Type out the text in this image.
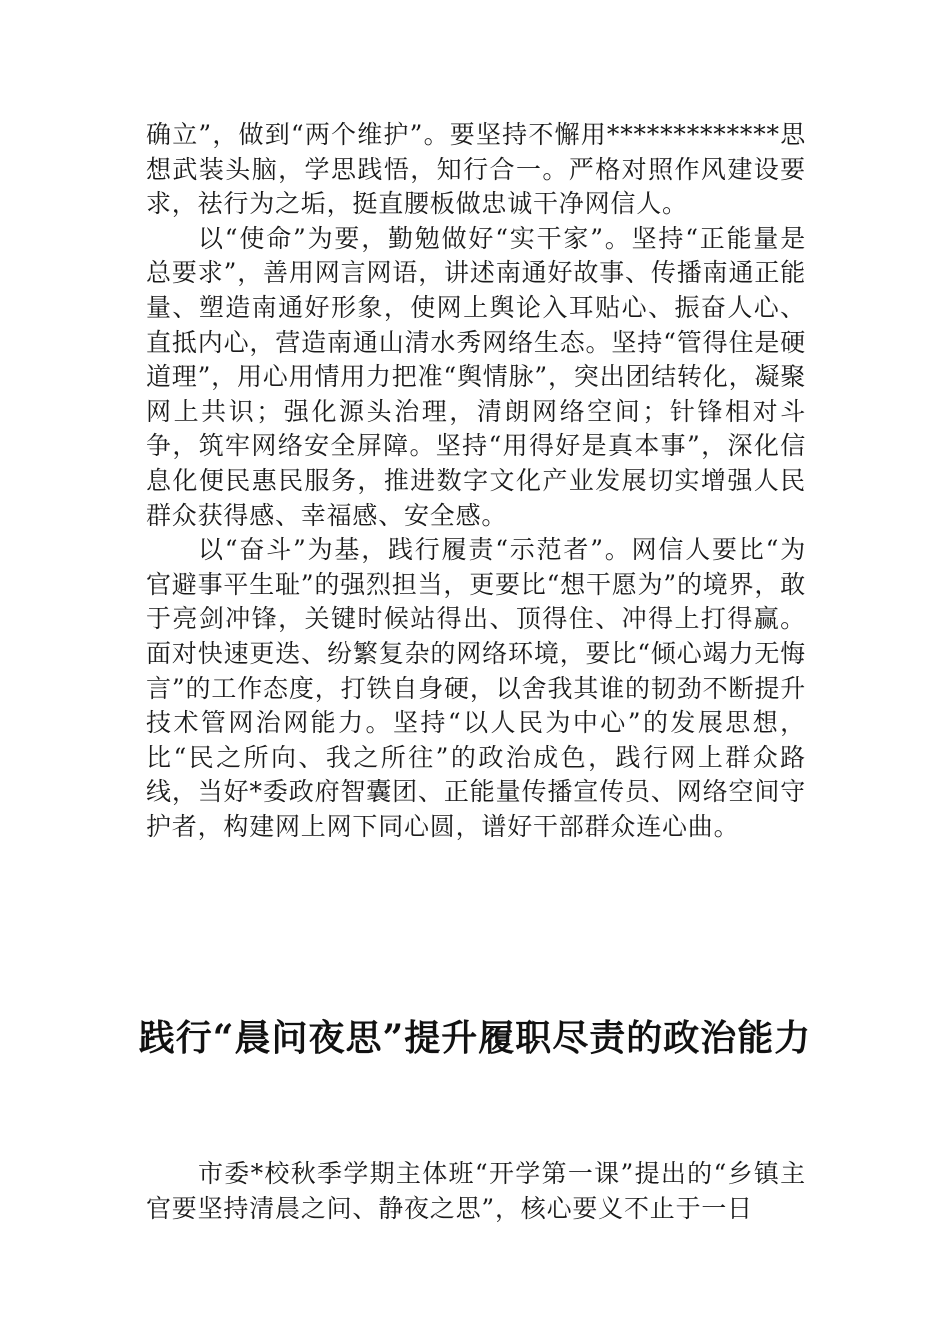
确立”，做到“两个维护”。要坚持不懈用*************思想武装头脑，学思践悟，知行合一。严格对照作风建设要求，祛行为之垢，挺直腰板做忠诚干净网信人。

以“使命”为要，勤勉做好“实干家”。坚持“正能量是总要求”，善用网言网语，讲述南通好故事、传播南通正能量、塑造南通好形象，使网上舆论入耳贴心、振奋人心、直抵内心，营造南通山清水秀网络生态。坚持“管得住是硬道理”，用心用情用力把准“舆情脉”，突出团结转化，凝聚网上共识；强化源头治理，清朗网络空间；针锋相对斗争，筑牢网络安全屏障。坚持“用得好是真本事”，深化信息化便民惠民服务，推进数字文化产业发展切实增强人民群众获得感、幸福感、安全感。

以“奋斗”为基，践行履责“示范者”。网信人要比“为官避事平生耻”的强烈担当，更要比“想干愿为”的境界，敢于亮剑冲锋，关键时候站得出、顶得住、冲得上打得赢。面对快速更迭、纷繁复杂的网络环境，要比“倾心竭力无悔言”的工作态度，打铁自身硬，以舍我其谁的韧劲不断提升技术管网治网能力。坚持“以人民为中心”的发展思想，比“民之所向、我之所往”的政治成色，践行网上群众路线，当好*委政府智囊团、正能量传播宣传员、网络空间守护者，构建网上网下同心圆，谱好干部群众连心曲。

践行“晨问夜思”提升履职尽责的政治能力

市委*校秋季学期主体班“开学第一课”提出的“乡镇主官要坚持清晨之问、静夜之思”，核心要义不止于一日
